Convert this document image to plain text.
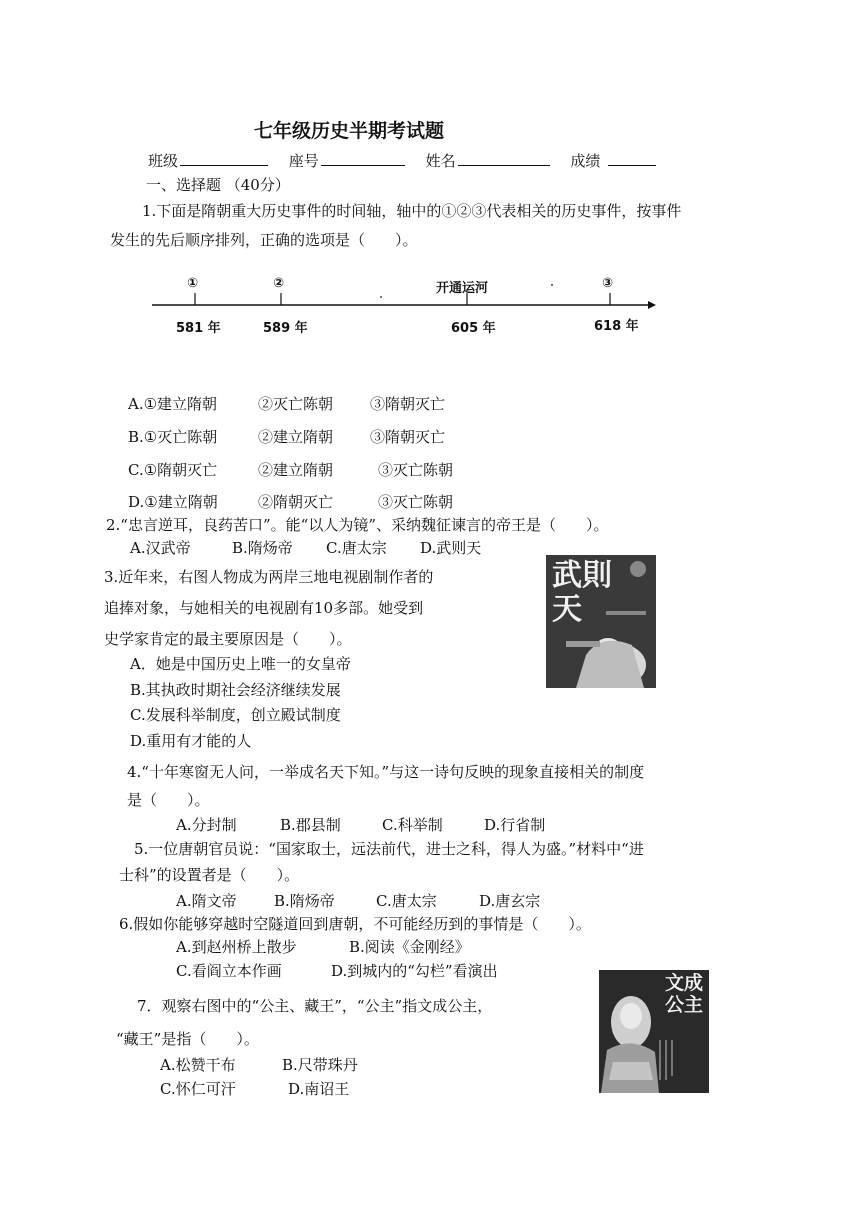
七年级历史半期考试题
班级	座号	姓名	成绩
一、选择题 （40分）
1.下面是隋朝重大历史事件的时间轴，轴中的①②③代表相关的历史事件，按事件
发生的先后顺序排列，正确的选项是（　　）。
①	②	开通运河	③
581 年	589 年	605 年	618 年
A.①建立隋朝	②灭亡陈朝 ③隋朝灭亡
B.①灭亡陈朝	②建立隋朝 ③隋朝灭亡
C.①隋朝灭亡	②建立隋朝	③灭亡陈朝
D.①建立隋朝	②隋朝灭亡	③灭亡陈朝
2.“忠言逆耳，良药苦口”。能“以人为镜”、采纳魏征谏言的帝王是（　　）。
A.汉武帝	B.隋炀帝 C.唐太宗 D.武则天
3.近年来，右图人物成为两岸三地电视剧制作者的
追捧对象，与她相关的电视剧有10多部。她受到
史学家肯定的最主要原因是（　　）。
A．她是中国历史上唯一的女皇帝
B.其执政时期社会经济继续发展
C.发展科举制度，创立殿试制度
D.重用有才能的人
武則天
4.“十年寒窗无人问，一举成名天下知。”与这一诗句反映的现象直接相关的制度
是（　　）。
A.分封制	B.郡县制	C.科举制	D.行省制
5.一位唐朝官员说：“国家取士，远法前代，进士之科，得人为盛。”材料中“进
士科”的设置者是（　　）。
A.隋文帝 B.隋炀帝	C.唐太宗	D.唐玄宗
6.假如你能够穿越时空隧道回到唐朝，不可能经历到的事情是（　　）。
A.到赵州桥上散步	B.阅读《金刚经》
C.看阎立本作画	D.到城内的“勾栏”看演出
7．观察右图中的“公主、藏王”，“公主”指文成公主，
“藏王”是指（　　）。
A.松赞干布	B.尺带珠丹
C.怀仁可汗	D.南诏王
文成公主
